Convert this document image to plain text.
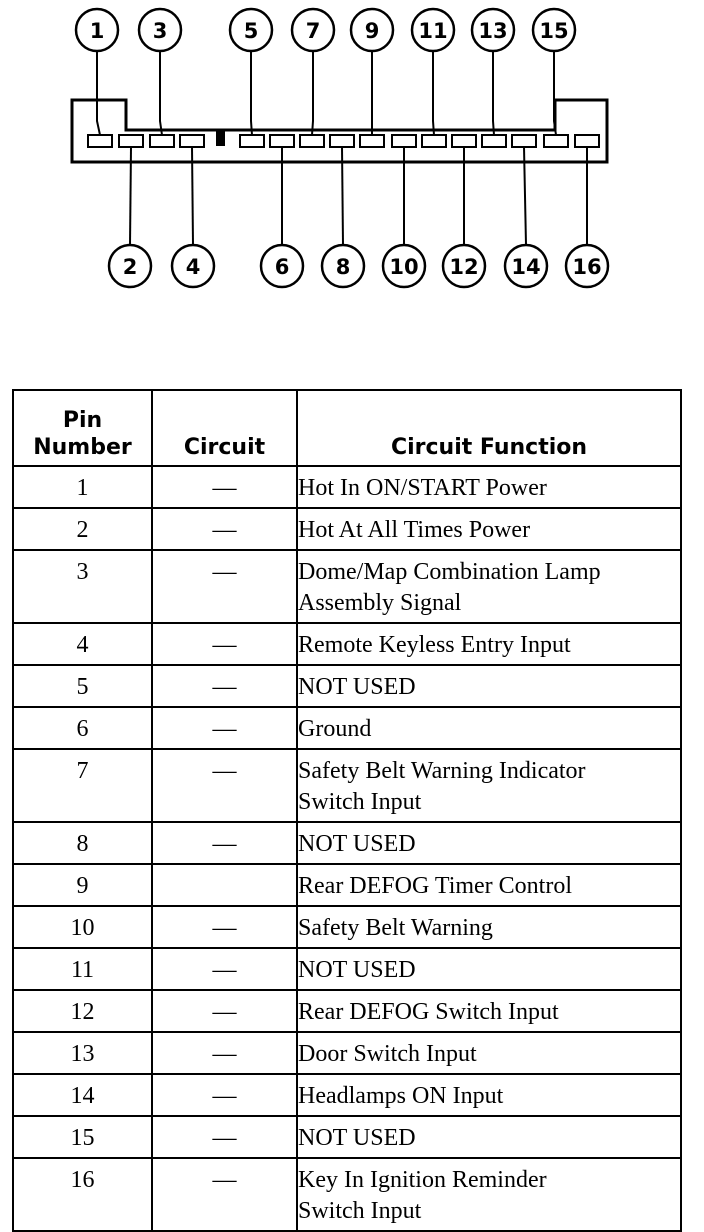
1 3	5 7 9 11 13 15
2 4	6 8 10 12 14 16
Pin
Number	Circuit	Circuit Function
1	—	Hot In ON/START Power

2	—	Hot At All Times Power

3	—	Dome/Map Combination Lamp
Assembly Signal

4	—	Remote Keyless Entry Input

5	—	NOT USED

6	—	Ground

7	—	Safety Belt Warning Indicator
Switch Input

8	—	NOT USED

9		Rear DEFOG Timer Control

10	—	Safety Belt Warning

11	—	NOT USED

12	—	Rear DEFOG Switch Input

13	—	Door Switch Input

14	—	Headlamps ON Input

15	—	NOT USED

16	—	Key In Ignition Reminder
Switch Input
